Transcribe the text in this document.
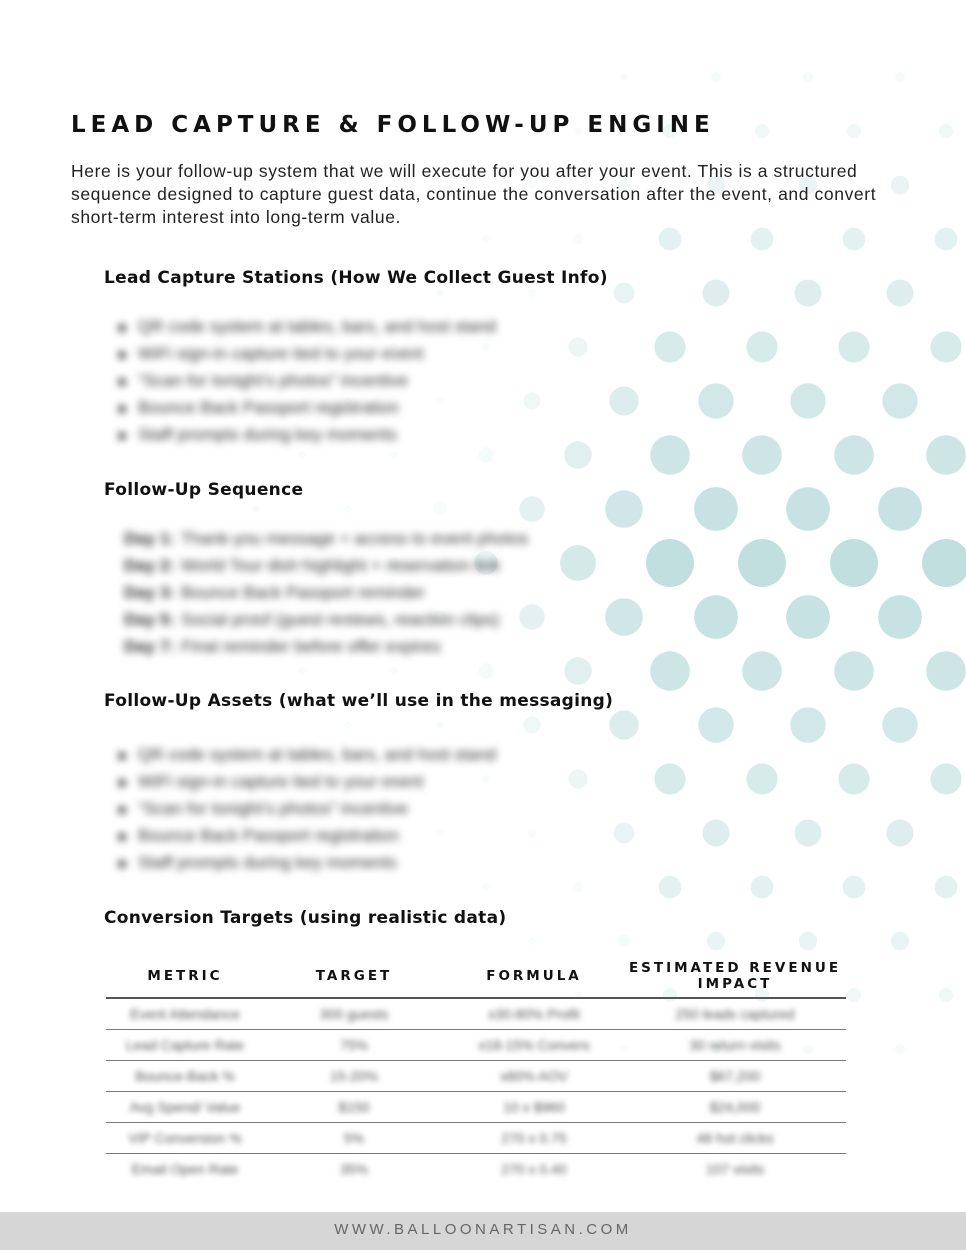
LEAD CAPTURE & FOLLOW-UP ENGINE
Here is your follow-up system that we will execute for you after your event. This is a structured sequence designed to capture guest data, continue the conversation after the event, and convert short-term interest into long-term value.
Lead Capture Stations (How We Collect Guest Info)
QR code system at tables, bars, and host stand
WiFi sign-in capture tied to your event
“Scan for tonight’s photos” incentive
Bounce Back Passport registration
Staff prompts during key moments
Follow-Up Sequence
Day 1: Thank-you message + access to event photos
Day 2: World Tour dish highlight + reservation link
Day 3: Bounce Back Passport reminder
Day 5: Social proof (guest reviews, reaction clips)
Day 7: Final reminder before offer expires
Follow-Up Assets (what we’ll use in the messaging)
QR code system at tables, bars, and host stand
WiFi sign-in capture tied to your event
“Scan for tonight’s photos” incentive
Bounce Back Passport registration
Staff prompts during key moments
Conversion Targets (using realistic data)
METRIC	TARGET	FORMULA	ESTIMATED REVENUE IMPACT
Event Attendance	300 guests	x30-80% Profit	250 leads captured
Lead Capture Rate	75%	x18-15% Convers	30 return visits
Bounce-Back %	15-20%	x80% AOV	$67,200
Avg Spend/ Value	$150	10 x $960	$24,000
VIP Conversion %	5%	270 x 0.75	48 hot clicks
Email Open Rate	35%	270 x 0.40	107 visits
WWW.BALLOONARTISAN.COM
